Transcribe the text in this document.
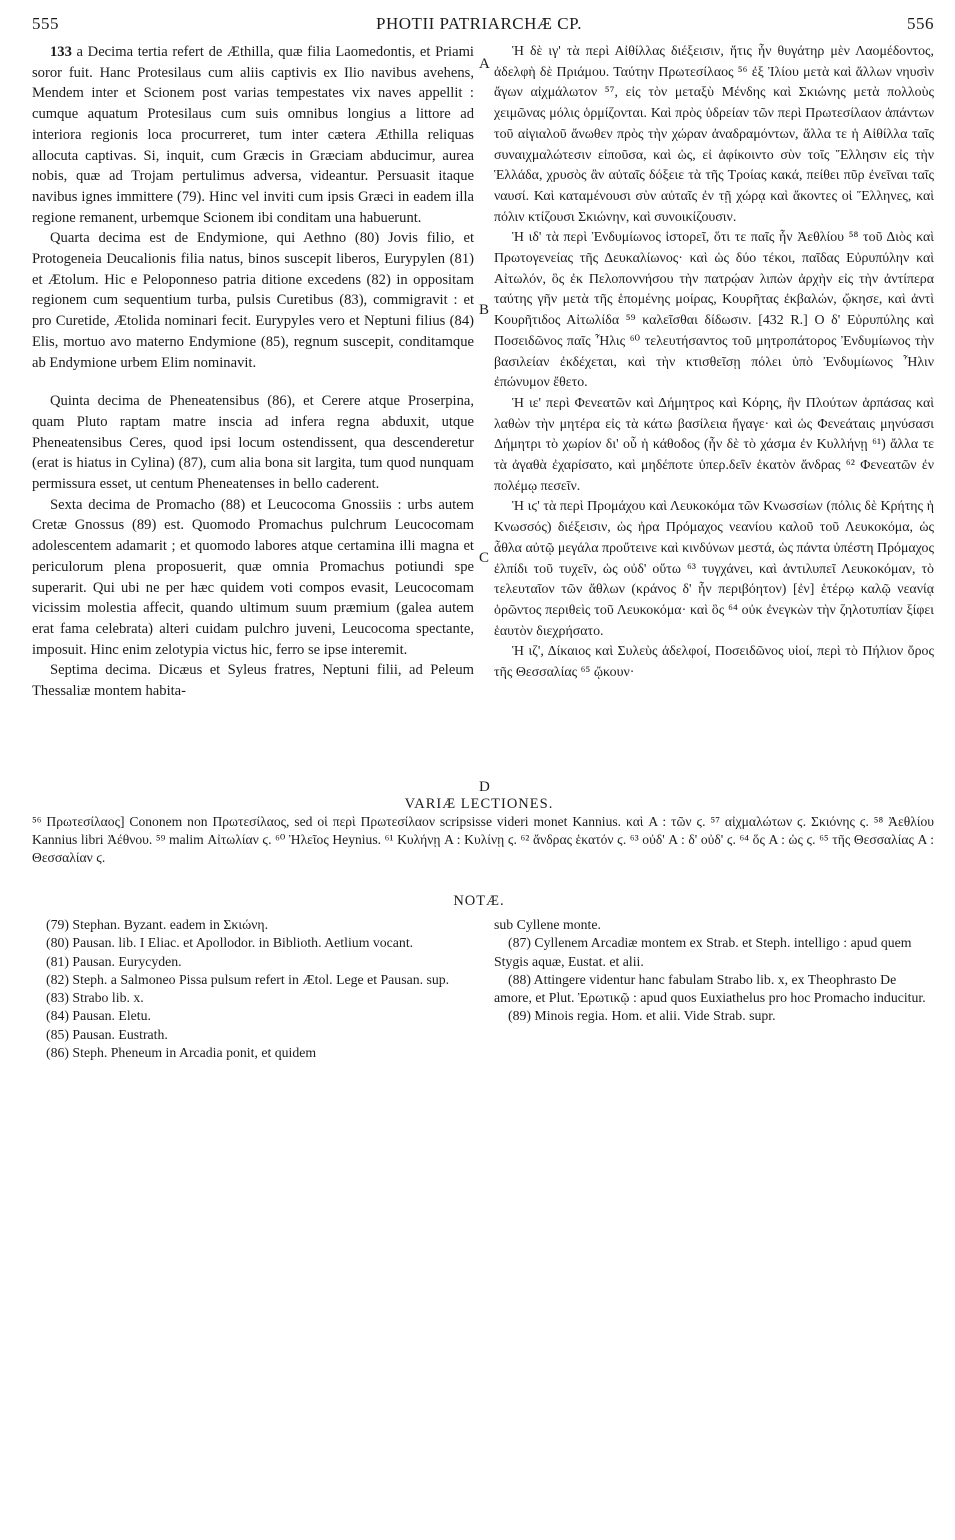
555	PHOTII PATRIARCHÆ CP.	556
A
B
C
D

133 a Decima tertia refert de Æthilla, quæ filia Laomedontis, et Priami soror fuit. Hanc Protesilaus cum aliis captivis ex Ilio navibus avehens, Mendem inter et Scionem post varias tempestates vix naves appellit : cumque aquatum Protesilaus cum suis omnibus longius a littore ad interiora regionis loca procurreret, tum inter cætera Æthilla reliquas allocuta captivas. Si, inquit, cum Græcis in Græciam abducimur, aurea nobis, quæ ad Trojam pertulimus adversa, videantur. Persuasit itaque navibus ignes immittere (79). Hinc vel inviti cum ipsis Græci in eadem illa regione remanent, urbemque Scionem ibi conditam una habuerunt.

Quarta decima est de Endymione, qui Aethno (80) Jovis filio, et Protogeneia Deucalionis filia natus, binos suscepit liberos, Eurypylen (81) et Ætolum. Hic e Peloponneso patria ditione excedens (82) in oppositam regionem cum sequentium turba, pulsis Curetibus (83), commigravit : et pro Curetide, Ætolida nominari fecit. Eurypyles vero et Neptuni filius (84) Elis, mortuo avo materno Endymione (85), regnum suscepit, conditamque ab Endymione urbem Elim nominavit.

Quinta decima de Pheneatensibus (86), et Cerere atque Proserpina, quam Pluto raptam matre inscia ad infera regna abduxit, utque Pheneatensibus Ceres, quod ipsi locum ostendissent, qua descenderetur (erat is hiatus in Cylina) (87), cum alia bona sit largita, tum quod nunquam permissura esset, ut centum Pheneatenses in bello caderent.

Sexta decima de Promacho (88) et Leucocoma Gnossiis : urbs autem Cretæ Gnossus (89) est. Quomodo Promachus pulchrum Leucocomam adolescentem adamarit ; et quomodo labores atque certamina illi magna et periculorum plena proposuerit, quæ omnia Promachus potiundi spe superarit. Qui ubi ne per hæc quidem voti compos evasit, Leucocomam vicissim molestia affecit, quando ultimum suum præmium (galea autem erat fama celebrata) alteri cuidam pulchro juveni, Leucocoma spectante, imposuit. Hinc enim zelotypia victus hic, ferro se ipse interemit.

Septima decima. Dicæus et Syleus fratres, Neptuni filii, ad Peleum Thessaliæ montem habita-

Ἡ δὲ ιγ' τὰ περὶ Αἰθίλλας διέξεισιν, ἥτις ἦν θυγάτηρ μὲν Λαομέδοντος, ἀδελφὴ δὲ Πριάμου. Ταύτην Πρωτεσίλαος ⁵⁶ ἐξ Ἰλίου μετὰ καὶ ἄλλων νηυσὶν ἄγων αἰχμάλωτον ⁵⁷, εἰς τὸν μεταξὺ Μένδης καὶ Σκιώνης μετὰ πολλοὺς χειμῶνας μόλις ὁρμίζονται. Καὶ πρὸς ὑδρείαν τῶν περὶ Πρωτεσίλαον ἁπάντων τοῦ αἰγιαλοῦ ἄνωθεν πρὸς τὴν χώραν ἀναδραμόντων, ἄλλα τε ἡ Αἰθίλλα ταῖς συναιχμαλώτεσιν εἰποῦσα, καὶ ὡς, εἰ ἀφίκοιντο σὺν τοῖς Ἕλλησιν εἰς τὴν Ἑλλάδα, χρυσὸς ἂν αὐταῖς δόξειε τὰ τῆς Τροίας κακά, πείθει πῦρ ἐνεῖναι ταῖς ναυσί. Καὶ καταμένουσι σὺν αὐταῖς ἐν τῇ χώρᾳ καὶ ἄκοντες οἱ Ἕλληνες, καὶ πόλιν κτίζουσι Σκιώνην, καὶ συνοικίζουσιν.

Ἡ ιδ' τὰ περὶ Ἐνδυμίωνος ἱστορεῖ, ὅτι τε παῖς ἦν Ἀεθλίου ⁵⁸ τοῦ Διὸς καὶ Πρωτογενείας τῆς Δευκαλίωνος· καὶ ὡς δύο τέκοι, παῖδας Εὐρυπύλην καὶ Αἰτωλόν, ὃς ἐκ Πελοποννήσου τὴν πατρῴαν λιπὼν ἀρχὴν εἰς τὴν ἀντίπερα ταύτης γῆν μετὰ τῆς ἑπομένης μοίρας, Κουρῆτας ἐκβαλών, ᾤκησε, καὶ ἀντὶ Κουρῆτιδος Αἰτωλίδα ⁵⁹ καλεῖσθαι δίδωσιν. [432 R.] Ο δ' Εὐρυπύλης καὶ Ποσειδῶνος παῖς Ἦλις ⁶⁰ τελευτήσαντος τοῦ μητροπάτορος Ἐνδυμίωνος τὴν βασιλείαν ἐκδέχεται, καὶ τὴν κτισθεῖσῃ πόλει ὑπὸ Ἐνδυμίωνος Ἦλιν ἐπώνυμον ἔθετο.

Ἡ ιε' περὶ Φενεατῶν καὶ Δήμητρος καὶ Κόρης, ἣν Πλούτων ἁρπάσας καὶ λαθὼν τὴν μητέρα εἰς τὰ κάτω βασίλεια ἤγαγε· καὶ ὡς Φενεάταις μηνύσασι Δήμητρι τὸ χωρίον δι' οὗ ἡ κάθοδος (ἦν δὲ τὸ χάσμα ἐν Κυλλήνῃ ⁶¹) ἄλλα τε τὰ ἀγαθὰ ἐχαρίσατο, καὶ μηδέποτε ὑπερ.δεῖν ἑκατὸν ἄνδρας ⁶² Φενεατῶν ἐν πολέμῳ πεσεῖν.

Ἡ ιϛ' τὰ περὶ Προμάχου καὶ Λευκοκόμα τῶν Κνωσσίων (πόλις δὲ Κρήτης ἡ Κνωσσός) διέξεισιν, ὡς ἠρα Πρόμαχος νεανίου καλοῦ τοῦ Λευκοκόμα, ὡς ἆθλα αὐτῷ μεγάλα προὔτεινε καὶ κινδύνων μεστά, ὡς πάντα ὑπέστη Πρόμαχος ἐλπίδι τοῦ τυχεῖν, ὡς οὐδ' οὕτω ⁶³ τυγχάνει, καὶ ἀντιλυπεῖ Λευκοκόμαν, τὸ τελευταῖον τῶν ἄθλων (κράνος δ' ἦν περιβόητον) [ἐν] ἑτέρῳ καλῷ νεανίᾳ ὁρῶντος περιθεὶς τοῦ Λευκοκόμα· καὶ ὃς ⁶⁴ οὐκ ἐνεγκὼν τὴν ζηλοτυπίαν ξίφει ἑαυτὸν διεχρήσατο.

Ἡ ιζ', Δίκαιος καὶ Συλεὺς ἀδελφοί, Ποσειδῶνος υἱοί, περὶ τὸ Πήλιον ὄρος τῆς Θεσσαλίας ⁶⁵ ᾤκουν·

VARIÆ LECTIONES.

⁵⁶ Πρωτεσίλαος] Cononem non Πρωτεσίλαος, sed οἱ περὶ Πρωτεσίλαον scripsisse videri monet Kannius. καὶ A : τῶν ϛ. ⁵⁷ αἰχμαλώτων ϛ. Σκιόνης ϛ. ⁵⁸ Ἀεθλίου Kannius libri Ἀέθνου. ⁵⁹ malim Αἰτωλίαν ϛ. ⁶⁰ Ἠλεῖος Heynius. ⁶¹ Κυλήνῃ A : Κυλίνῃ ϛ. ⁶² ἄνδρας ἑκατόν ϛ. ⁶³ οὐδ' A : δ' οὐδ' ϛ. ⁶⁴ ὅς A : ὡς ϛ. ⁶⁵ τῆς Θεσσαλίας A : Θεσσαλίαν ϛ.

NOTÆ.

(79) Stephan. Byzant. eadem in Σκιώνη.

(80) Pausan. lib. I Eliac. et Apollodor. in Biblioth. Aetlium vocant.

(81) Pausan. Eurycyden.

(82) Steph. a Salmoneo Pissa pulsum refert in Ætol. Lege et Pausan. sup.

(83) Strabo lib. x.

(84) Pausan. Eletu.

(85) Pausan. Eustrath.

(86) Steph. Pheneum in Arcadia ponit, et quidem

sub Cyllene monte.

(87) Cyllenem Arcadiæ montem ex Strab. et Steph. intelligo : apud quem Stygis aquæ, Eustat. et alii.

(88) Attingere videntur hanc fabulam Strabo lib. x, ex Theophrasto De amore, et Plut. Ἐρωτικῷ : apud quos Euxiathelus pro hoc Promacho inducitur.

(89) Minois regia. Hom. et alii. Vide Strab. supr.
